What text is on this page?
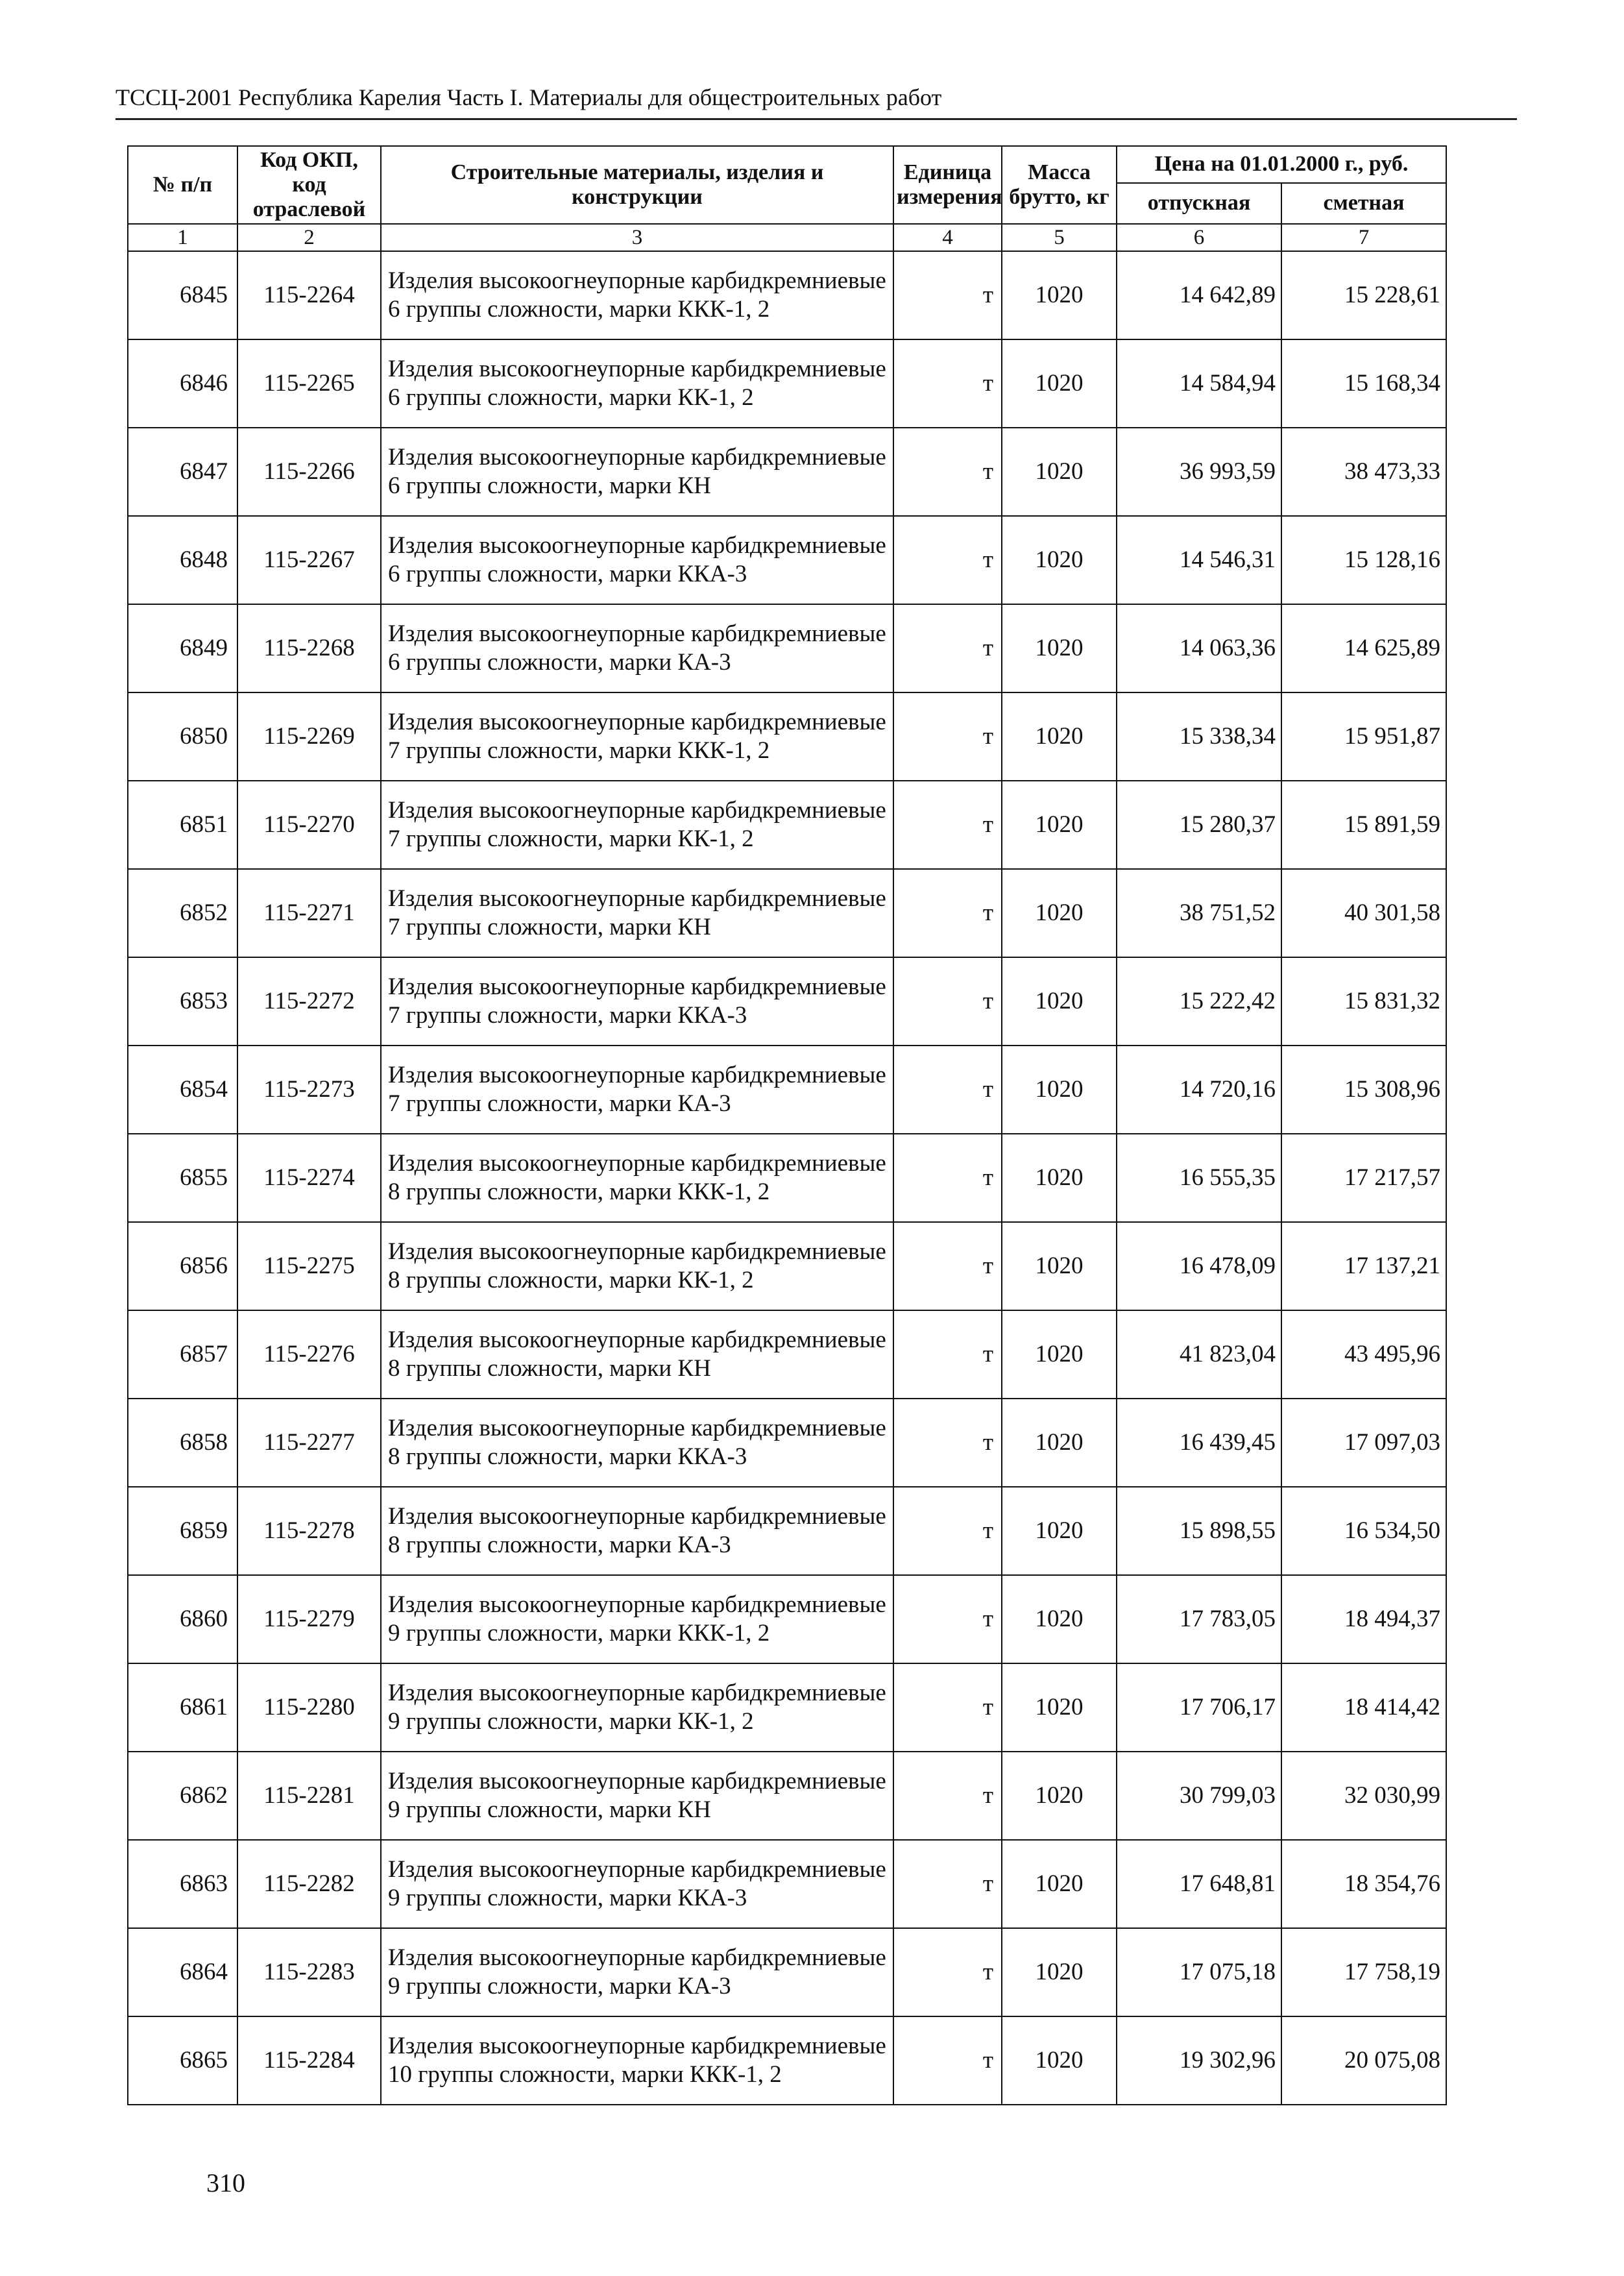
ТССЦ-2001 Республика Карелия Часть I. Материалы для общестроительных работ
№ п/п	Код ОКП, код отраслевой	Строительные материалы, изделия и конструкции	Единица измерения	Масса брутто, кг	Цена на 01.01.2000 г., руб.	
					отпускная	сметная
1	2	3	4	5	6	7
6845	115-2264	Изделия высокоогнеупорные карбидкремниевые 6 группы сложности, марки ККК-1, 2	т	1020	14 642,89	15 228,61
6846	115-2265	Изделия высокоогнеупорные карбидкремниевые 6 группы сложности, марки КК-1, 2	т	1020	14 584,94	15 168,34
6847	115-2266	Изделия высокоогнеупорные карбидкремниевые 6 группы сложности, марки КН	т	1020	36 993,59	38 473,33
6848	115-2267	Изделия высокоогнеупорные карбидкремниевые 6 группы сложности, марки ККА-3	т	1020	14 546,31	15 128,16
6849	115-2268	Изделия высокоогнеупорные карбидкремниевые 6 группы сложности, марки КА-3	т	1020	14 063,36	14 625,89
6850	115-2269	Изделия высокоогнеупорные карбидкремниевые 7 группы сложности, марки ККК-1, 2	т	1020	15 338,34	15 951,87
6851	115-2270	Изделия высокоогнеупорные карбидкремниевые 7 группы сложности, марки КК-1, 2	т	1020	15 280,37	15 891,59
6852	115-2271	Изделия высокоогнеупорные карбидкремниевые 7 группы сложности, марки КН	т	1020	38 751,52	40 301,58
6853	115-2272	Изделия высокоогнеупорные карбидкремниевые 7 группы сложности, марки ККА-3	т	1020	15 222,42	15 831,32
6854	115-2273	Изделия высокоогнеупорные карбидкремниевые 7 группы сложности, марки КА-3	т	1020	14 720,16	15 308,96
6855	115-2274	Изделия высокоогнеупорные карбидкремниевые 8 группы сложности, марки ККК-1, 2	т	1020	16 555,35	17 217,57
6856	115-2275	Изделия высокоогнеупорные карбидкремниевые 8 группы сложности, марки КК-1, 2	т	1020	16 478,09	17 137,21
6857	115-2276	Изделия высокоогнеупорные карбидкремниевые 8 группы сложности, марки КН	т	1020	41 823,04	43 495,96
6858	115-2277	Изделия высокоогнеупорные карбидкремниевые 8 группы сложности, марки ККА-3	т	1020	16 439,45	17 097,03
6859	115-2278	Изделия высокоогнеупорные карбидкремниевые 8 группы сложности, марки КА-3	т	1020	15 898,55	16 534,50
6860	115-2279	Изделия высокоогнеупорные карбидкремниевые 9 группы сложности, марки ККК-1, 2	т	1020	17 783,05	18 494,37
6861	115-2280	Изделия высокоогнеупорные карбидкремниевые 9 группы сложности, марки КК-1, 2	т	1020	17 706,17	18 414,42
6862	115-2281	Изделия высокоогнеупорные карбидкремниевые 9 группы сложности, марки КН	т	1020	30 799,03	32 030,99
6863	115-2282	Изделия высокоогнеупорные карбидкремниевые 9 группы сложности, марки ККА-3	т	1020	17 648,81	18 354,76
6864	115-2283	Изделия высокоогнеупорные карбидкремниевые 9 группы сложности, марки КА-3	т	1020	17 075,18	17 758,19
6865	115-2284	Изделия высокоогнеупорные карбидкремниевые 10 группы сложности, марки ККК-1, 2	т	1020	19 302,96	20 075,08
310
